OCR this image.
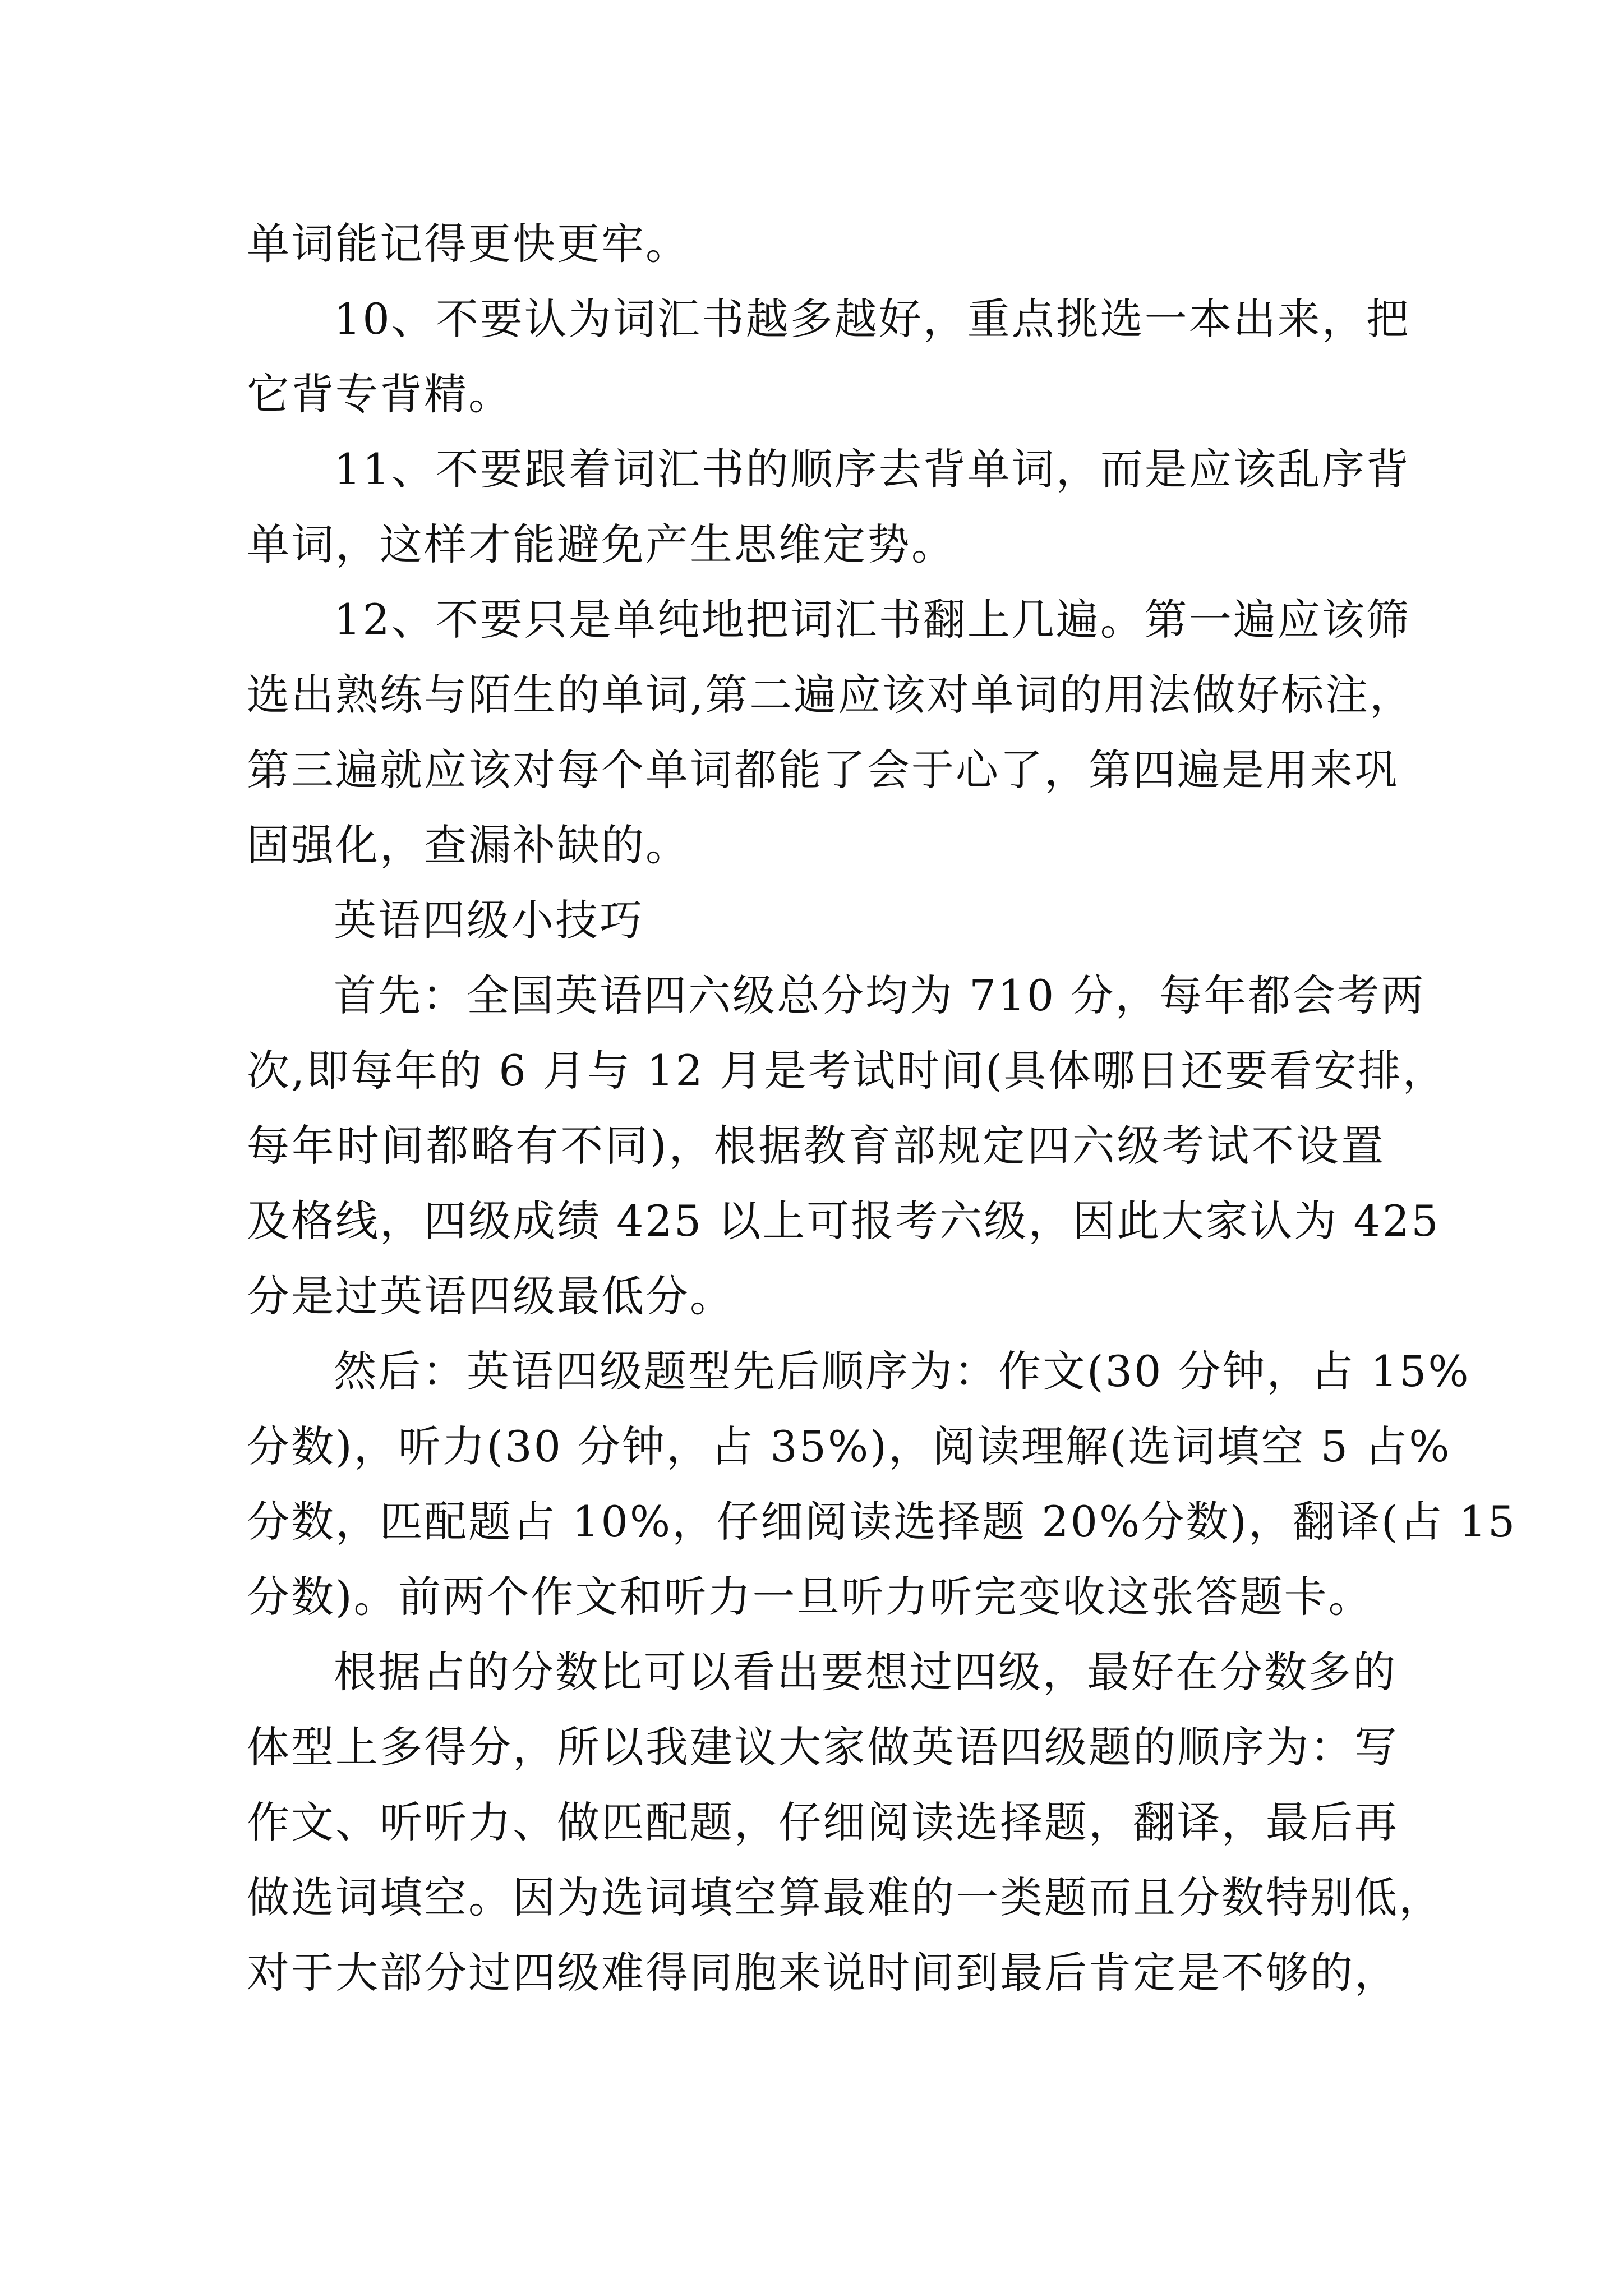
单词能记得更快更牢。
10、不要认为词汇书越多越好，重点挑选一本出来，把
它背专背精。
11、不要跟着词汇书的顺序去背单词，而是应该乱序背
单词，这样才能避免产生思维定势。
12、不要只是单纯地把词汇书翻上几遍。第一遍应该筛
选出熟练与陌生的单词,第二遍应该对单词的用法做好标注，
第三遍就应该对每个单词都能了会于心了，第四遍是用来巩
固强化，查漏补缺的。
英语四级小技巧
首先：全国英语四六级总分均为 710 分，每年都会考两
次,即每年的 6 月与 12 月是考试时间(具体哪日还要看安排，
每年时间都略有不同)，根据教育部规定四六级考试不设置
及格线，四级成绩 425 以上可报考六级，因此大家认为 425
分是过英语四级最低分。
然后：英语四级题型先后顺序为：作文(30 分钟，占 15%
分数)，听力(30 分钟，占 35%)，阅读理解(选词填空 5 占%
分数，匹配题占 10%，仔细阅读选择题 20%分数)，翻译(占 15
分数)。前两个作文和听力一旦听力听完变收这张答题卡。
根据占的分数比可以看出要想过四级，最好在分数多的
体型上多得分，所以我建议大家做英语四级题的顺序为：写
作文、听听力、做匹配题，仔细阅读选择题，翻译，最后再
做选词填空。因为选词填空算最难的一类题而且分数特别低，
对于大部分过四级难得同胞来说时间到最后肯定是不够的，
